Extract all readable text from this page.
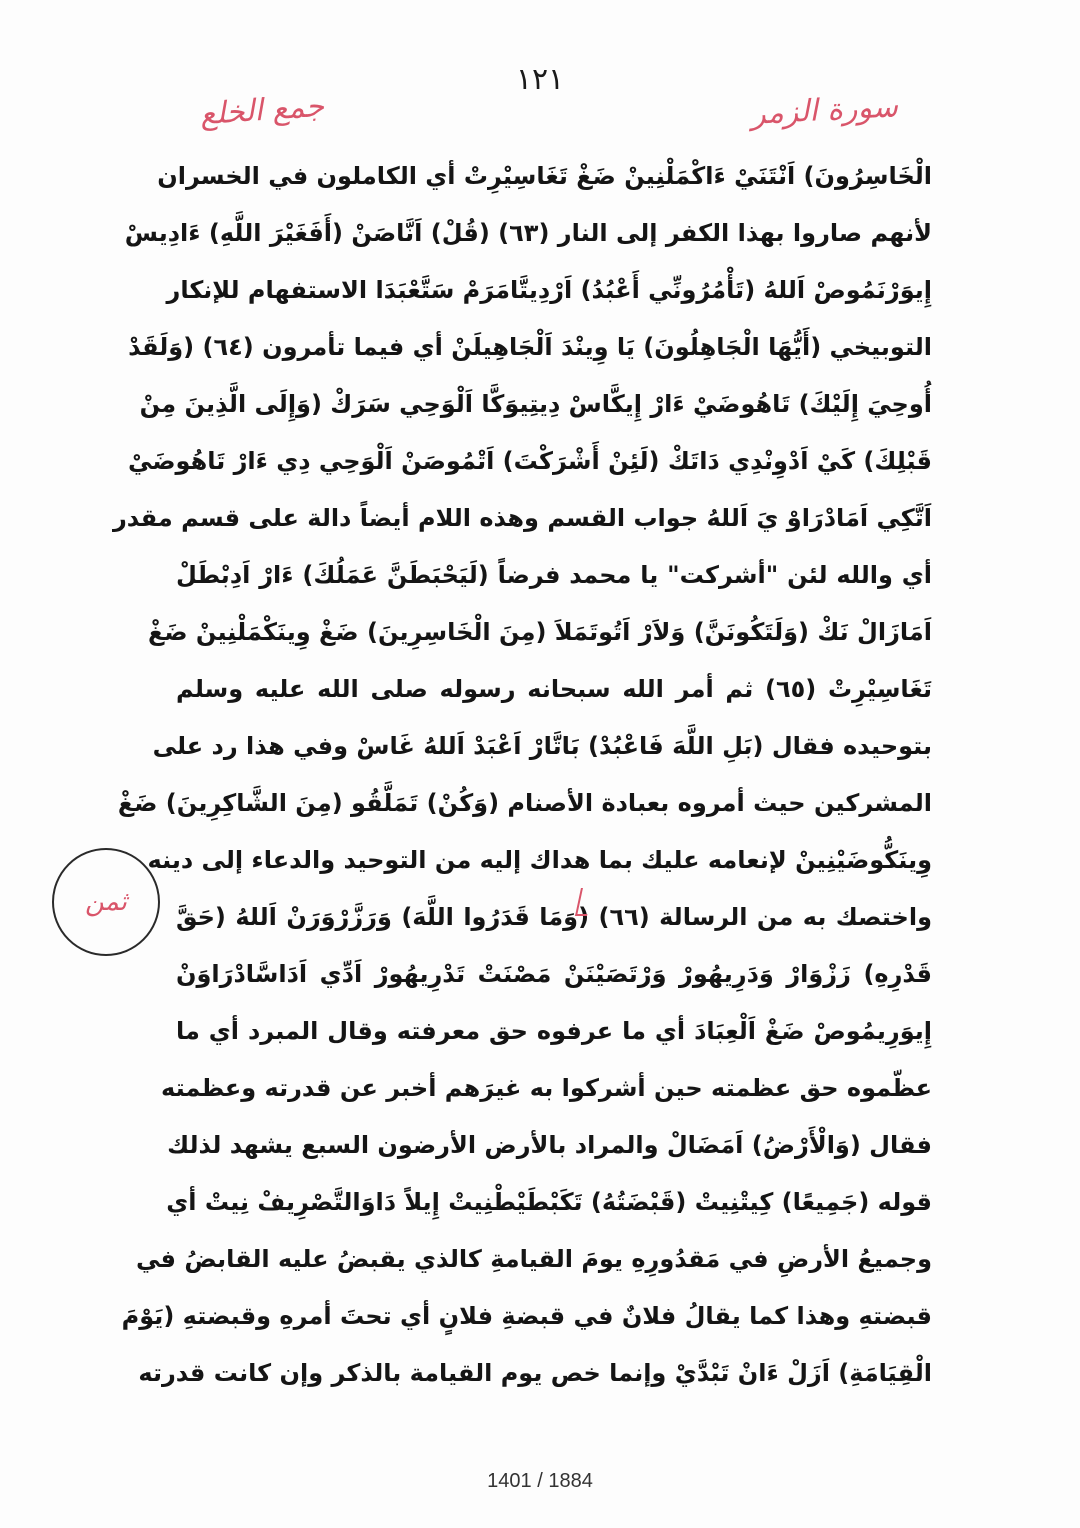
١٢١
جمع الخلع	سورة الزمر
الْخَاسِرُونَ) اَنْتَنَيْ ءَاكْمَلْنِينْ ضَغْ تَغَاسِيْرِتْ أي الكاملون في الخسران
لأنهم صاروا بهذا الكفر إلى النار (٦٣) (قُلْ) اَنَّاصَنْ (أَفَغَيْرَ اللَّهِ) ءَادِيسْ
إِيوَرْنَمُوصْ اَللهُ (تَأْمُرُونِّي أَعْبُدُ) اَرْدِيتَّامَرَمْ سَتَّعْبَدَا الاستفهام للإنكار
التوبيخي (أَيُّهَا الْجَاهِلُونَ) يَا وِينْدَ اَلْجَاهِيلَنْ أي فيما تأمرون (٦٤) (وَلَقَدْ
أُوحِيَ إِلَيْكَ) تَاهُوضَيْ ءَارْ إِيكَّاسْ دِيتِيوَكَّا اَلْوَحِي سَرَكْ (وَإِلَى الَّذِينَ مِنْ
قَبْلِكَ) كَيْ اَدْوِنْدِي دَاتَكْ (لَئِنْ أَشْرَكْتَ) اَتْمُوصَنْ اَلْوَحِي دِي ءَارْ تَاهُوضَيْ
اَتَّكِي اَمَادْرَاوْ يَ اَللهُ جواب القسم وهذه اللام أيضاً دالة على قسم مقدر
أي والله لئن "أشركت" يا محمد فرضاً (لَيَحْبَطَنَّ عَمَلُكَ) ءَارْ اَدِبْطَلْ
اَمَازَالْ نَكْ (وَلَتَكُونَنَّ) وَلاَرْ اَتُوتَمَلاَ (مِنَ الْخَاسِرِينَ) ضَغْ وِينَكْمَلْنِينْ ضَغْ
تَغَاسِيْرِتْ (٦٥) ثم أمر الله سبحانه رسوله صلى الله عليه وسلم
بتوحيده فقال (بَلِ اللَّهَ فَاعْبُدْ) بَاتَّارْ اَعْبَدْ اَللهُ غَاسْ وفي هذا رد على
المشركين حيث أمروه بعبادة الأصنام (وَكُنْ) تَمَلَّقُو (مِنَ الشَّاكِرِينَ) ضَغْ
وِينَكُّوضَيْنِينْ لإنعامه عليك بما هداك إليه من التوحيد والدعاء إلى دينه
واختصك به من الرسالة (٦٦) (وَمَا قَدَرُوا اللَّهَ) وَرَزَّرْوَرَنْ اَللهُ (حَقَّ
قَدْرِهِ) زَزْوَارْ وَدَرِيهُورْ وَرْتَصَيْنَنْ مَصْنَتْ تَدْرِيهُورْ اَدِّي اَدَاسَّادْرَاوَنْ
إِيوَرِيمُوصْ ضَغْ اَلْعِبَادَ أي ما عرفوه حق معرفته وقال المبرد أي ما
عظّموه حق عظمته حين أشركوا به غيرَهم أخبر عن قدرته وعظمته
فقال (وَالْأَرْضُ) اَمَضَالْ والمراد بالأرض الأرضون السبع يشهد لذلك
قوله (جَمِيعًا) كِيتْنِيتْ (قَبْضَتُهُ) تَكَبْطَيْطْنِيتْ إِيلاً دَاوَالتَّصْرِيفْ نِيتْ أي
وجميعُ الأرضِ في مَقدُورِهِ يومَ القيامةِ كالذي يقبضُ عليه القابضُ في
قبضتهِ وهذا كما يقالُ فلانٌ في قبضةِ فلانٍ أي تحتَ أمرهِ وقبضتهِ (يَوْمَ
الْقِيَامَةِ) اَزَلْ ءَانْ تَبْدَّيْ وإنما خص يوم القيامة بالذكر وإن كانت قدرته
ثمن
1401 / 1884
